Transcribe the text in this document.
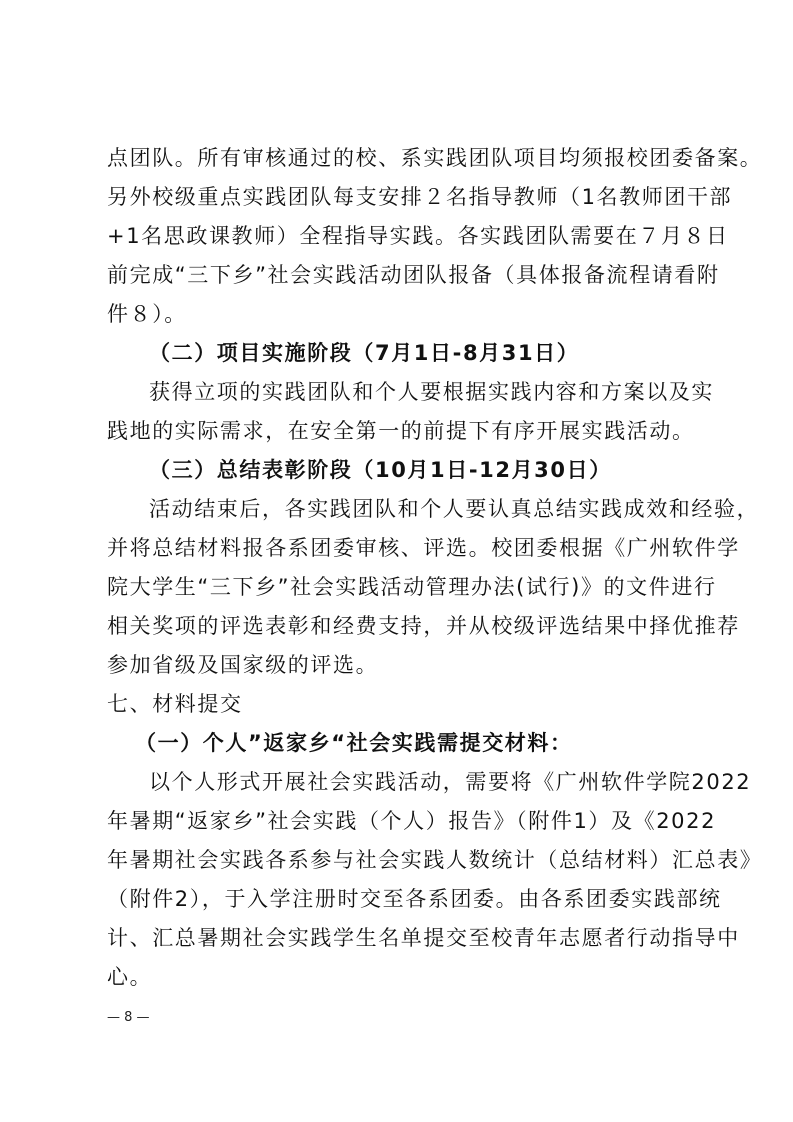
点团队。所有审核通过的校、系实践团队项目均须报校团委备案。
另外校级重点实践团队每支安排２名指导教师（1名教师团干部
+1名思政课教师）全程指导实践。各实践团队需要在７月８日
前完成“三下乡”社会实践活动团队报备（具体报备流程请看附
件８）。
（二）项目实施阶段（7月1日-8月31日）
获得立项的实践团队和个人要根据实践内容和方案以及实
践地的实际需求，在安全第一的前提下有序开展实践活动。
（三）总结表彰阶段（10月1日-12月30日）
活动结束后，各实践团队和个人要认真总结实践成效和经验，
并将总结材料报各系团委审核、评选。校团委根据《广州软件学
院大学生“三下乡”社会实践活动管理办法(试行)》的文件进行
相关奖项的评选表彰和经费支持，并从校级评选结果中择优推荐
参加省级及国家级的评选。
七、材料提交
（一）个人”返家乡“社会实践需提交材料：
以个人形式开展社会实践活动，需要将《广州软件学院2022
年暑期“返家乡”社会实践（个人）报告》（附件1）及《2022
年暑期社会实践各系参与社会实践人数统计（总结材料）汇总表》
（附件2），于入学注册时交至各系团委。由各系团委实践部统
计、汇总暑期社会实践学生名单提交至校青年志愿者行动指导中
心。
— 8 —
